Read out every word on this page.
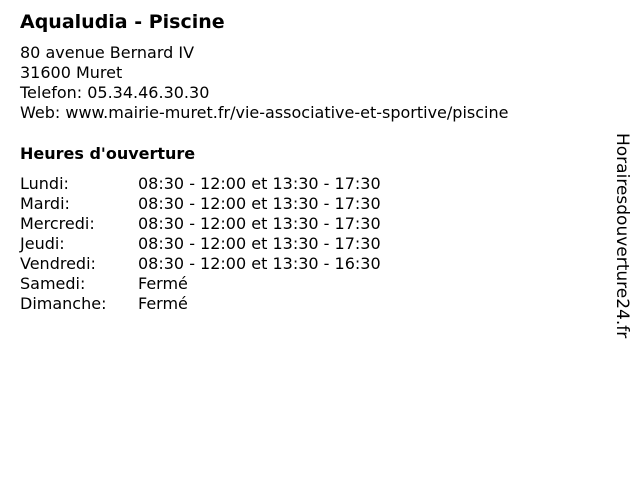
Aqualudia - Piscine
80 avenue Bernard IV
31600 Muret
Telefon: 05.34.46.30.30
Web: www.mairie-muret.fr/vie-associative-et-sportive/piscine
Heures d'ouverture
Lundi:	08:30 - 12:00 et 13:30 - 17:30
Mardi:	08:30 - 12:00 et 13:30 - 17:30
Mercredi:	08:30 - 12:00 et 13:30 - 17:30
Jeudi:	08:30 - 12:00 et 13:30 - 17:30
Vendredi:	08:30 - 12:00 et 13:30 - 16:30
Samedi:	Fermé
Dimanche: Fermé	Horairesdouverture24.fr
